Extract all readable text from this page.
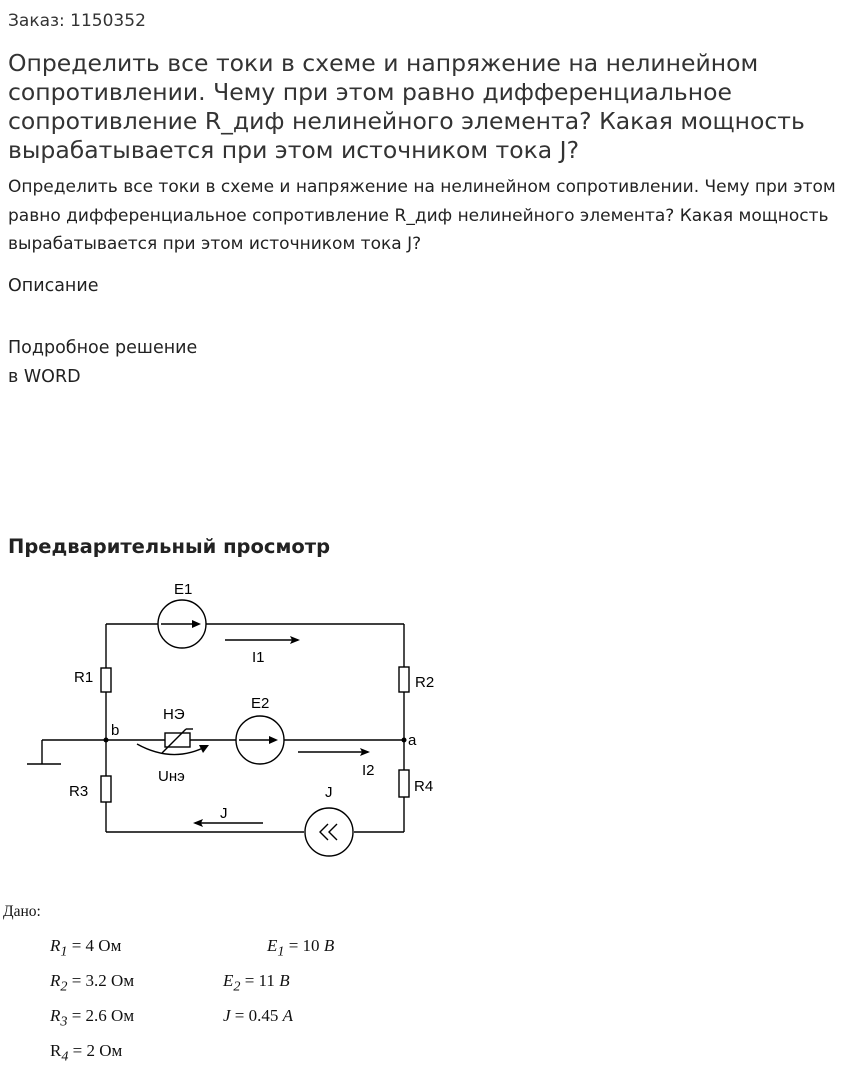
Заказ: 1150352
Определить все токи в схеме и напряжение на нелинейном сопротивлении. Чему при этом равно дифференциальное сопротивление R_диф нелинейного элемента? Какая мощность вырабатывается при этом источником тока J?
Определить все токи в схеме и напряжение на нелинейном сопротивлении. Чему при этом равно дифференциальное сопротивление R_диф нелинейного элемента? Какая мощность вырабатывается при этом источником тока J?
Описание
Подробное решение
в WORD
Предварительный просмотр
E1
E2
R1	R2
R3	R4
I1
I2
J
J
НЭ
Uнэ
b
a
Дано:
$R_1 = 4$ Ом
$R_2 = 3.2$ Ом
$R_3 = 2.6$ Ом
$R_4 = 2$ Ом
$E_1 = 10$ В
$E_2 = 11$ В
J = 0.45 А
